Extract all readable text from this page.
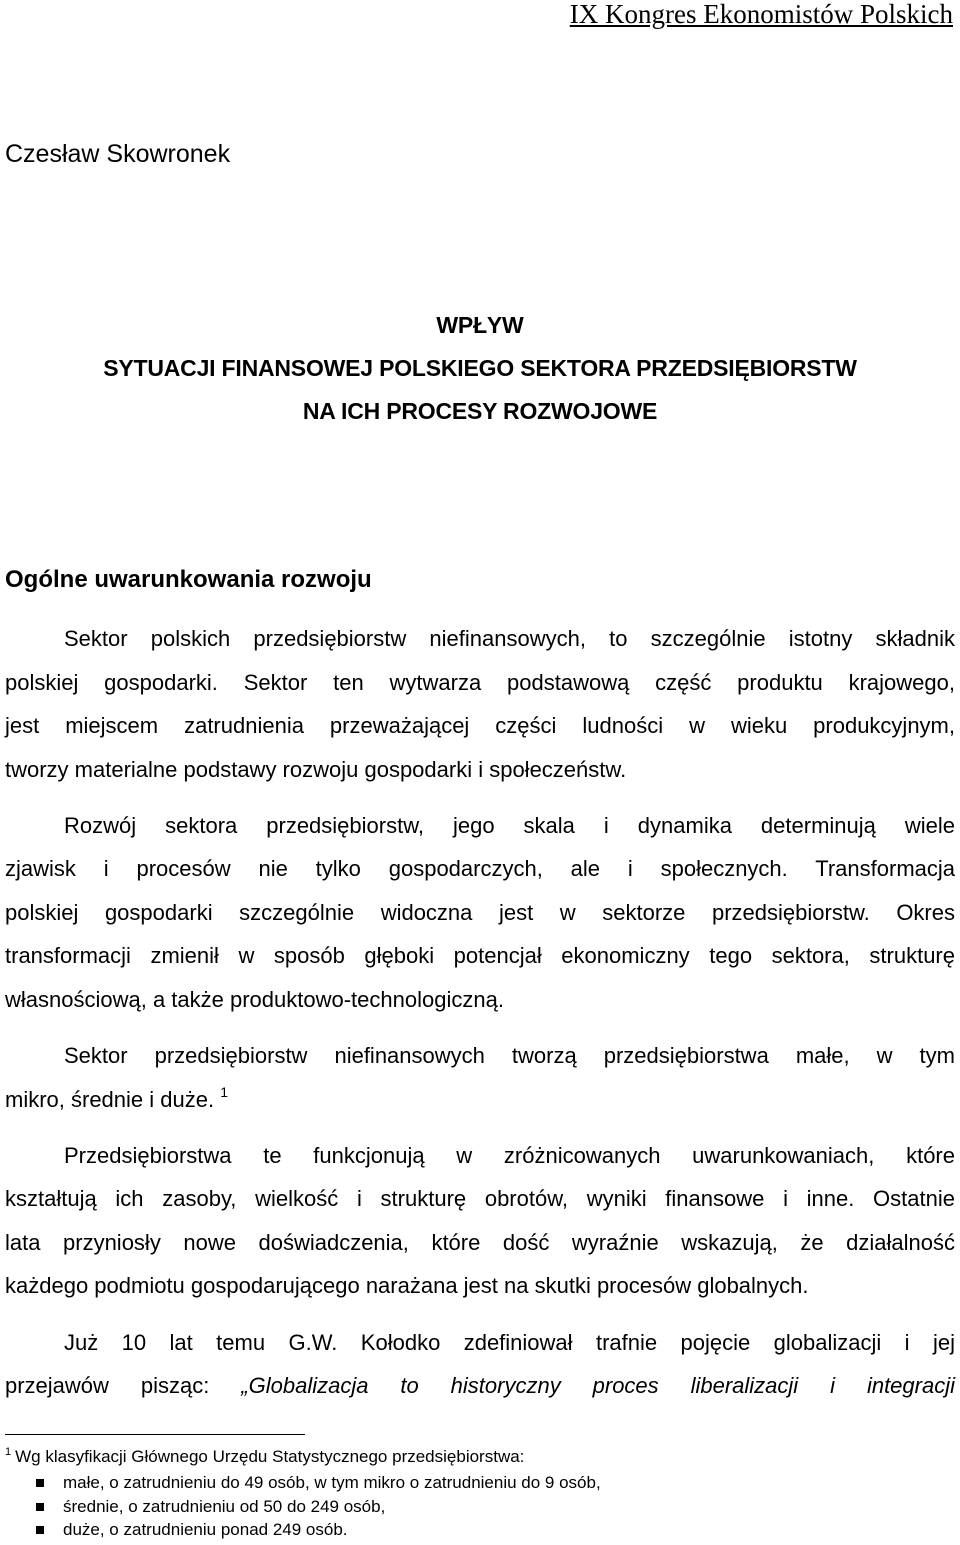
IX Kongres Ekonomistów Polskich
Czesław Skowronek
WPŁYW
SYTUACJI FINANSOWEJ POLSKIEGO SEKTORA PRZEDSIĘBIORSTW
NA ICH PROCESY ROZWOJOWE
Ogólne uwarunkowania rozwoju
Sektor polskich przedsiębiorstw niefinansowych, to szczególnie istotny składnik
polskiej gospodarki. Sektor ten wytwarza podstawową część produktu krajowego,
jest miejscem zatrudnienia przeważającej części ludności w wieku produkcyjnym,
tworzy materialne podstawy rozwoju gospodarki i społeczeństw.
Rozwój sektora przedsiębiorstw, jego skala i dynamika determinują wiele
zjawisk i procesów nie tylko gospodarczych, ale i społecznych. Transformacja
polskiej gospodarki szczególnie widoczna jest w sektorze przedsiębiorstw. Okres
transformacji zmienił w sposób głęboki potencjał ekonomiczny tego sektora, strukturę
własnościową, a także produktowo-technologiczną.
Sektor przedsiębiorstw niefinansowych tworzą przedsiębiorstwa małe, w tym
mikro, średnie i duże. $^1$
Przedsiębiorstwa te funkcjonują w zróżnicowanych uwarunkowaniach, które
kształtują ich zasoby, wielkość i strukturę obrotów, wyniki finansowe i inne. Ostatnie
lata przyniosły nowe doświadczenia, które dość wyraźnie wskazują, że działalność
każdego podmiotu gospodarującego narażana jest na skutki procesów globalnych.
Już 10 lat temu G.W. Kołodko zdefiniował trafnie pojęcie globalizacji i jej
przejawów pisząc: „Globalizacja to historyczny proces liberalizacji i integracji
$^1$ Wg klasyfikacji Głównego Urzędu Statystycznego przedsiębiorstwa:
małe, o zatrudnieniu do 49 osób, w tym mikro o zatrudnieniu do 9 osób,
średnie, o zatrudnieniu od 50 do 249 osób,
duże, o zatrudnieniu ponad 249 osób.
